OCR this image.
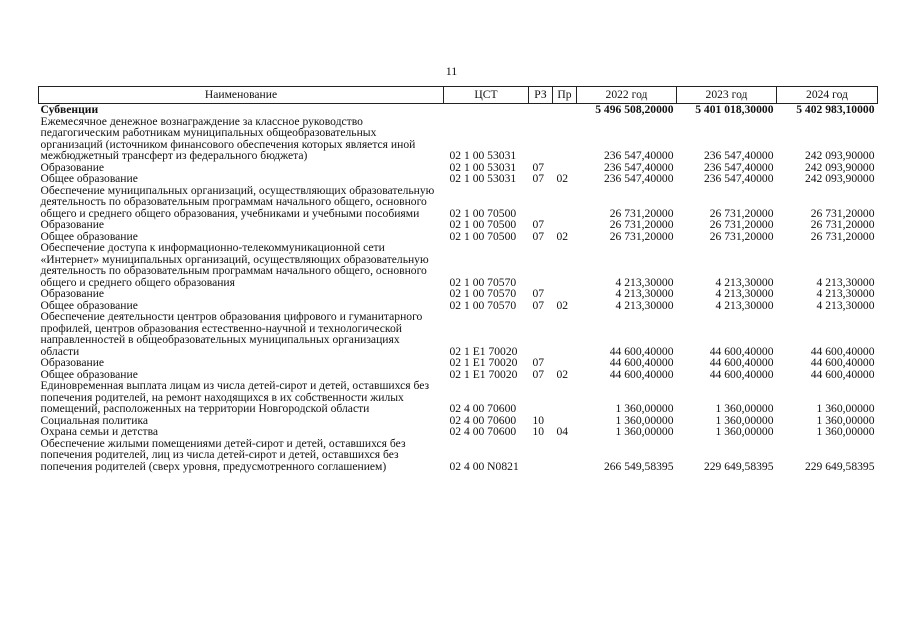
11
Наименование	ЦСТ	РЗ	Пр	2022 год	2023 год	2024 год
Субвенции				5 496 508,20000	5 401 018,30000	5 402 983,10000
Ежемесячное денежное вознаграждение за классное руководство педагогическим работникам муниципальных общеобразовательных организаций (источником финансового обеспечения которых является иной межбюджетный трансферт из федерального бюджета)	02 1 00 53031			236 547,40000	236 547,40000	242 093,90000
Образование	02 1 00 53031	07		236 547,40000	236 547,40000	242 093,90000
Общее образование	02 1 00 53031	07	02	236 547,40000	236 547,40000	242 093,90000
Обеспечение муниципальных организаций, осуществляющих образовательную деятельность по образовательным программам начального общего, основного общего и среднего общего образования, учебниками и учебными пособиями	02 1 00 70500			26 731,20000	26 731,20000	26 731,20000
Образование	02 1 00 70500	07		26 731,20000	26 731,20000	26 731,20000
Общее образование	02 1 00 70500	07	02	26 731,20000	26 731,20000	26 731,20000
Обеспечение доступа к информационно-телекоммуникационной сети «Интернет» муниципальных организаций, осуществляющих образовательную деятельность по образовательным программам начального общего, основного общего и среднего общего образования	02 1 00 70570			4 213,30000	4 213,30000	4 213,30000
Образование	02 1 00 70570	07		4 213,30000	4 213,30000	4 213,30000
Общее образование	02 1 00 70570	07	02	4 213,30000	4 213,30000	4 213,30000
Обеспечение деятельности центров образования цифрового и гуманитарного профилей, центров образования естественно-научной и технологической направленностей в общеобразовательных муниципальных организациях области	02 1 E1 70020			44 600,40000	44 600,40000	44 600,40000
Образование	02 1 E1 70020	07		44 600,40000	44 600,40000	44 600,40000
Общее образование	02 1 E1 70020	07	02	44 600,40000	44 600,40000	44 600,40000
Единовременная выплата лицам из числа детей-сирот и детей, оставшихся без попечения родителей, на ремонт находящихся в их собственности жилых помещений, расположенных на территории Новгородской области	02 4 00 70600			1 360,00000	1 360,00000	1 360,00000
Социальная политика	02 4 00 70600	10		1 360,00000	1 360,00000	1 360,00000
Охрана семьи и детства	02 4 00 70600	10	04	1 360,00000	1 360,00000	1 360,00000
Обеспечение жилыми помещениями детей-сирот и детей, оставшихся без попечения родителей, лиц из числа детей-сирот и детей, оставшихся без попечения родителей (сверх уровня, предусмотренного соглашением)	02 4 00 N0821			266 549,58395	229 649,58395	229 649,58395
